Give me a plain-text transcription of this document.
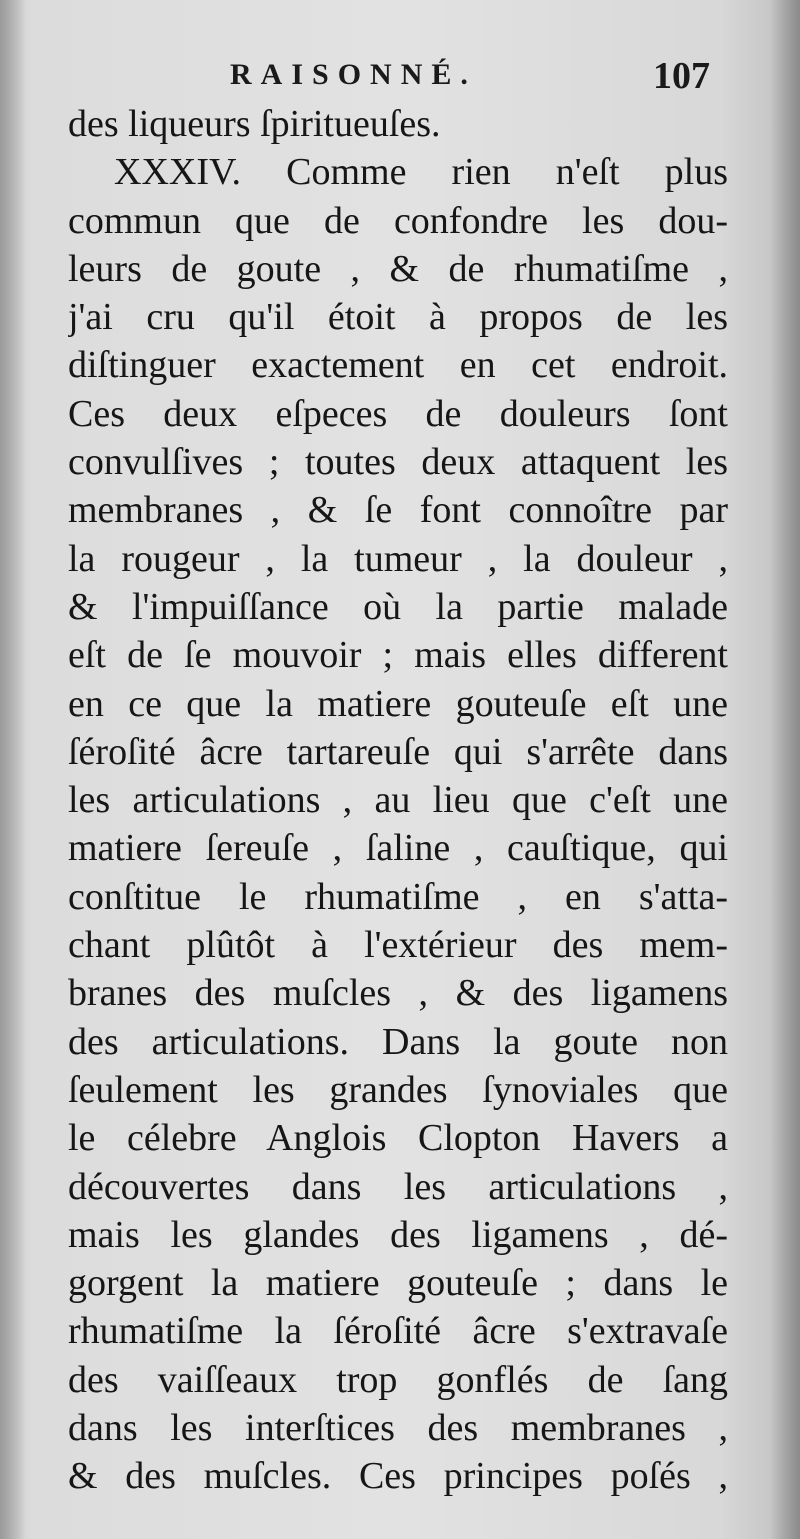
RAISONNÉ.	107
des liqueurs ſpiritueuſes.
XXXIV. Comme rien n'eſt plus
commun que de confondre les dou-
leurs de goute , & de rhumatiſme ,
j'ai cru qu'il étoit à propos de les
diſtinguer exactement en cet endroit.
Ces deux eſpeces de douleurs ſont
convulſives ; toutes deux attaquent les
membranes , & ſe font connoître par
la rougeur , la tumeur , la douleur ,
& l'impuiſſance où la partie malade
eſt de ſe mouvoir ; mais elles different
en ce que la matiere gouteuſe eſt une
ſéroſité âcre tartareuſe qui s'arrête dans
les articulations , au lieu que c'eſt une
matiere ſereuſe , ſaline , cauſtique, qui
conſtitue le rhumatiſme , en s'atta-
chant plûtôt à l'extérieur des mem-
branes des muſcles , & des ligamens
des articulations. Dans la goute non
ſeulement les grandes ſynoviales que
le célebre Anglois Clopton Havers a
découvertes dans les articulations ,
mais les glandes des ligamens , dé-
gorgent la matiere gouteuſe ; dans le
rhumatiſme la ſéroſité âcre s'extravaſe
des vaiſſeaux trop gonflés de ſang
dans les interſtices des membranes ,
& des muſcles. Ces principes poſés ,
